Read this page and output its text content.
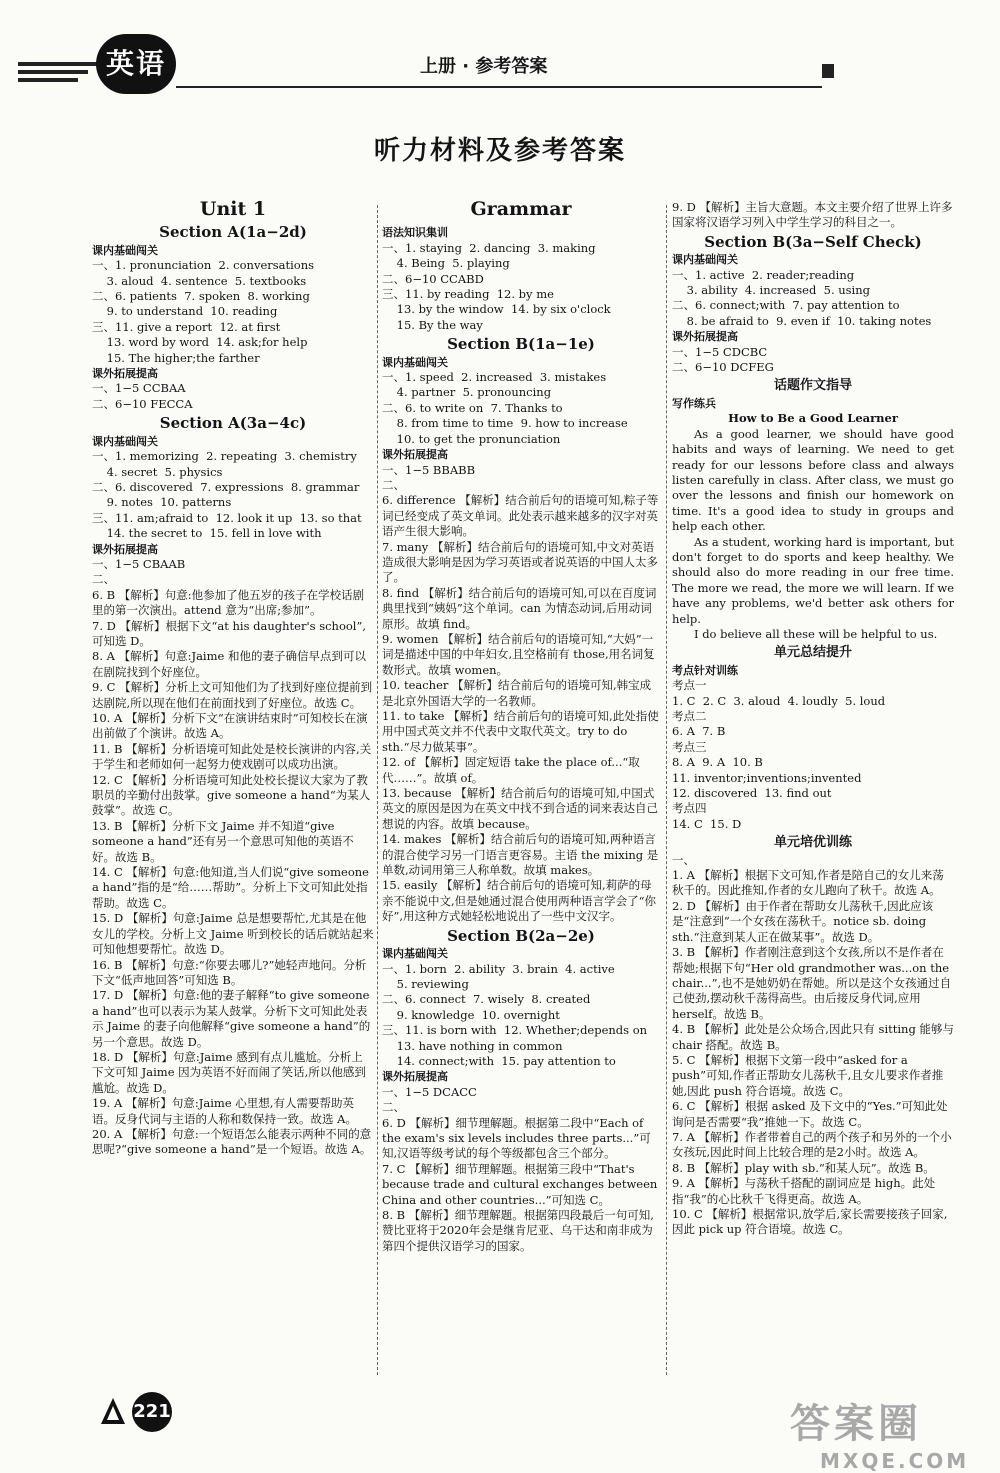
英语	上册 · 参考答案
听力材料及参考答案
Unit 1
Section A(1a−2d)
课内基础闯关
一、1. pronunciation  2. conversations
3. aloud  4. sentence  5. textbooks
二、6. patients  7. spoken  8. working
9. to understand  10. reading
三、11. give a report  12. at first
13. word by word  14. ask;for help
15. The higher;the farther
课外拓展提高
一、1−5 CCBAA
二、6−10 FECCA
Section A(3a−4c)
课内基础闯关
一、1. memorizing  2. repeating  3. chemistry
4. secret  5. physics
二、6. discovered  7. expressions  8. grammar
9. notes  10. patterns
三、11. am;afraid to  12. look it up  13. so that
14. the secret to  15. fell in love with
课外拓展提高
一、1−5 CBAAB
二、
6. B 【解析】句意:他参加了他五岁的孩子在学校话剧里的第一次演出。attend 意为“出席;参加”。
7. D 【解析】根据下文“at his daughter's school”,可知选 D。
8. A 【解析】句意:Jaime 和他的妻子确信早点到可以在剧院找到个好座位。
9. C 【解析】分析上文可知他们为了找到好座位提前到达剧院,所以现在他们在前面找到了好座位。故选 C。
10. A 【解析】分析下文“在演讲结束时”可知校长在演出前做了个演讲。故选 A。
11. B 【解析】分析语境可知此处是校长演讲的内容,关于学生和老师如何一起努力使戏剧可以成功出演。
12. C 【解析】分析语境可知此处校长提议大家为了教职员的辛勤付出鼓掌。give someone a hand“为某人鼓掌”。故选 C。
13. B 【解析】分析下文 Jaime 并不知道“give someone a hand”还有另一个意思可知他的英语不好。故选 B。
14. C 【解析】句意:他知道,当人们说“give someone a hand”指的是“给……帮助”。分析上下文可知此处指帮助。故选 C。
15. D 【解析】句意:Jaime 总是想要帮忙,尤其是在他女儿的学校。分析上文 Jaime 听到校长的话后就站起来可知他想要帮忙。故选 D。
16. B 【解析】句意:“你要去哪儿?”她轻声地问。分析下文“低声地回答”可知选 B。
17. D 【解析】句意:他的妻子解释“to give someone a hand”也可以表示为某人鼓掌。分析下文可知此处表示 Jaime 的妻子向他解释“give someone a hand”的另一个意思。故选 D。
18. D 【解析】句意:Jaime 感到有点儿尴尬。分析上下文可知 Jaime 因为英语不好而闹了笑话,所以他感到尴尬。故选 D。
19. A 【解析】句意:Jaime 心里想,有人需要帮助英语。反身代词与主语的人称和数保持一致。故选 A。
20. A 【解析】句意:一个短语怎么能表示两种不同的意思呢?“give someone a hand”是一个短语。故选 A。
Grammar
语法知识集训
一、1. staying  2. dancing  3. making
4. Being  5. playing
二、6−10 CCABD
三、11. by reading  12. by me
13. by the window  14. by six o'clock
15. By the way
Section B(1a−1e)
课内基础闯关
一、1. speed  2. increased  3. mistakes
4. partner  5. pronouncing
二、6. to write on  7. Thanks to
8. from time to time  9. how to increase
10. to get the pronunciation
课外拓展提高
一、1−5 BBABB
二、
6. difference 【解析】结合前后句的语境可知,粽子等词已经变成了英文单词。此处表示越来越多的汉字对英语产生很大影响。
7. many 【解析】结合前后句的语境可知,中文对英语造成很大影响是因为学习英语或者说英语的中国人太多了。
8. find 【解析】结合前后句的语境可知,可以在百度词典里找到“姨妈”这个单词。can 为情态动词,后用动词原形。故填 find。
9. women 【解析】结合前后句的语境可知,“大妈”一词是描述中国的中年妇女,且空格前有 those,用名词复数形式。故填 women。
10. teacher 【解析】结合前后句的语境可知,韩宝成是北京外国语大学的一名教师。
11. to take 【解析】结合前后句的语境可知,此处指使用中国式英文并不代表中文取代英文。try to do sth.“尽力做某事”。
12. of 【解析】固定短语 take the place of...“取代……”。故填 of。
13. because 【解析】结合前后句的语境可知,中国式英文的原因是因为在英文中找不到合适的词来表达自己想说的内容。故填 because。
14. makes 【解析】结合前后句的语境可知,两种语言的混合使学习另一门语言更容易。主语 the mixing 是单数,动词用第三人称单数。故填 makes。
15. easily 【解析】结合前后句的语境可知,莉萨的母亲不能说中文,但是她通过混合使用两种语言学会了“你好”,用这种方式她轻松地说出了一些中文汉字。
Section B(2a−2e)
课内基础闯关
一、1. born  2. ability  3. brain  4. active
5. reviewing
二、6. connect  7. wisely  8. created
9. knowledge  10. overnight
三、11. is born with  12. Whether;depends on
13. have nothing in common
14. connect;with  15. pay attention to
课外拓展提高
一、1−5 DCACC
二、
6. D 【解析】细节理解题。根据第二段中“Each of the exam's six levels includes three parts...”可知,汉语等级考试的每个等级都包含三个部分。
7. C 【解析】细节理解题。根据第三段中“That's because trade and cultural exchanges between China and other countries...”可知选 C。
8. B 【解析】细节理解题。根据第四段最后一句可知,赞比亚将于2020年会是继肯尼亚、乌干达和南非成为第四个提供汉语学习的国家。
9. D 【解析】主旨大意题。本文主要介绍了世界上许多国家将汉语学习列入中学生学习的科目之一。
Section B(3a−Self Check)
课内基础闯关
一、1. active  2. reader;reading
3. ability  4. increased  5. using
二、6. connect;with  7. pay attention to
8. be afraid to  9. even if  10. taking notes
课外拓展提高
一、1−5 CDCBC
二、6−10 DCFEG
话题作文指导
写作练兵
How to Be a Good Learner
As a good learner, we should have good habits and ways of learning. We need to get ready for our lessons before class and always listen carefully in class. After class, we must go over the lessons and finish our homework on time. It's a good idea to study in groups and help each other.
As a student, working hard is important, but don't forget to do sports and keep healthy. We should also do more reading in our free time. The more we read, the more we will learn. If we have any problems, we'd better ask others for help.
I do believe all these will be helpful to us.
单元总结提升
考点针对训练
考点一
1. C  2. C  3. aloud  4. loudly  5. loud
考点二
6. A  7. B
考点三
8. A  9. A  10. B
11. inventor;inventions;invented
12. discovered  13. find out
考点四
14. C  15. D
单元培优训练
一、
1. A 【解析】根据下文可知,作者是陪自己的女儿来荡秋千的。因此推知,作者的女儿跑向了秋千。故选 A。
2. D 【解析】由于作者在帮助女儿荡秋千,因此应该是“注意到”一个女孩在荡秋千。notice sb. doing sth.“注意到某人正在做某事”。故选 D。
3. B 【解析】作者刚注意到这个女孩,所以不是作者在帮她;根据下句“Her old grandmother was...on the chair...”,也不是她奶奶在帮她。所以是这个女孩通过自己使劲,摆动秋千荡得高些。由后接反身代词,应用 herself。故选 B。
4. B 【解析】此处是公众场合,因此只有 sitting 能够与 chair 搭配。故选 B。
5. C 【解析】根据下文第一段中“asked for a push”可知,作者正帮助女儿荡秋千,且女儿要求作者推她,因此 push 符合语境。故选 C。
6. C 【解析】根据 asked 及下文中的“Yes.”可知此处询问是否需要“我”推她一下。故选 C。
7. A 【解析】作者带着自己的两个孩子和另外的一个小女孩玩,因此时间上比较合理的是2小时。故选 A。
8. B 【解析】play with sb.“和某人玩”。故选 B。
9. A 【解析】与荡秋千搭配的副词应是 high。此处指“我”的心比秋千飞得更高。故选 A。
10. C 【解析】根据常识,放学后,家长需要接孩子回家,因此 pick up 符合语境。故选 C。
221	答案圈
MXQE.COM
